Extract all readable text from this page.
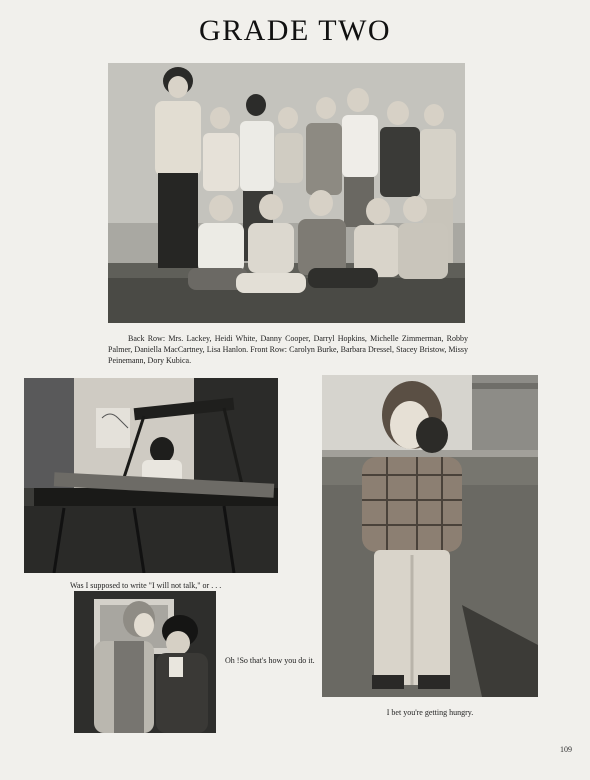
GRADE TWO
Back Row: Mrs. Lackey, Heidi White, Danny Cooper, Darryl Hopkins, Michelle Zimmerman, Robby Palmer, Daniella MacCartney, Lisa Hanlon. Front Row: Carolyn Burke, Barbara Dressel, Stacey Bristow, Missy Peinemann, Dory Kubica.
Was I supposed to write "I will not talk," or . . .
Oh !So that's how you do it.
I bet you're getting hungry.
109
